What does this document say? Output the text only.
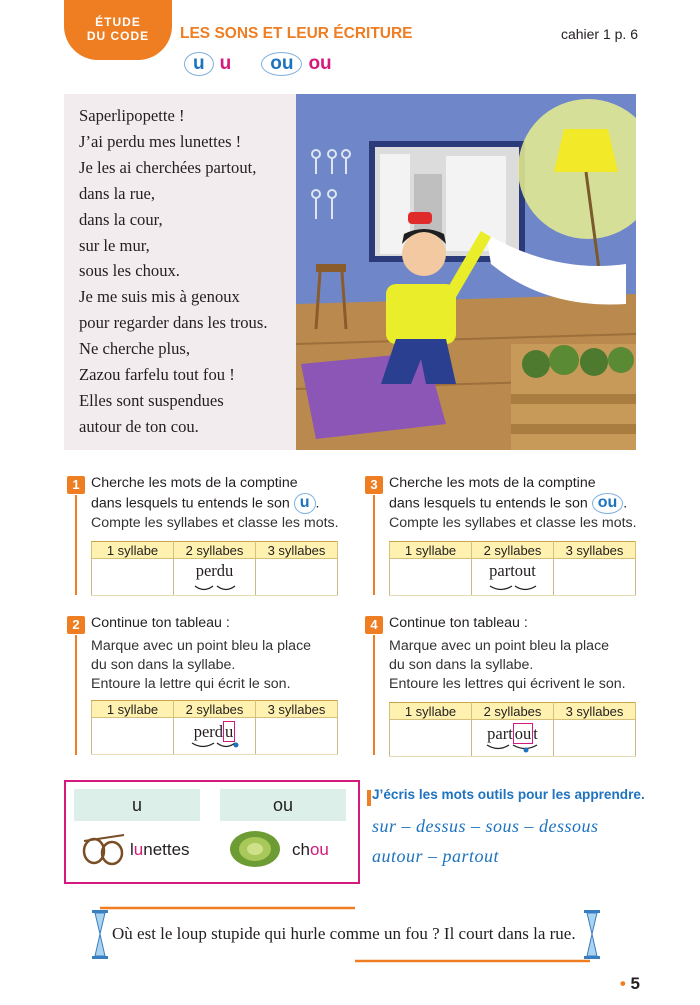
ÉTUDE
DU CODE	LES SONS ET LEUR ÉCRITURE	cahier 1 p. 6
u u	ou ou
Saperlipopette !
J’ai perdu mes lunettes !
Je les ai cherchées partout,
dans la rue,
dans la cour,
sur le mur,
sous les choux.
Je me suis mis à genoux
pour regarder dans les trous.
Ne cherche plus,
Zazou farfelu tout fou !
Elles sont suspendues
autour de ton cou.
1 Cherche les mots de la comptine
dans lesquels tu entends le son u .
Compte les syllabes et classe les mots.
1 syllabe	2 syllabes	3 syllabes
	perdu

2 Continue ton tableau :
Marque avec un point bleu la place
du son dans la syllabe.
Entoure la lettre qui écrit le son.
1 syllabe	2 syllabes	3 syllabes
	perd u

3 Cherche les mots de la comptine
dans lesquels tu entends le son ou .
Compte les syllabes et classe les mots.
1 syllabe	2 syllabes	3 syllabes
	partout

4 Continue ton tableau :
Marque avec un point bleu la place
du son dans la syllabe.
Entoure les lettres qui écrivent le son.
1 syllabe	2 syllabes	3 syllabes
	part ou t

u
lunettes
ou
chou
J’écris les mots outils pour les apprendre.
sur – dessus – sous – dessous
autour – partout
Où est le loup stupide qui hurle comme un fou ? Il court dans la rue.
• 5
